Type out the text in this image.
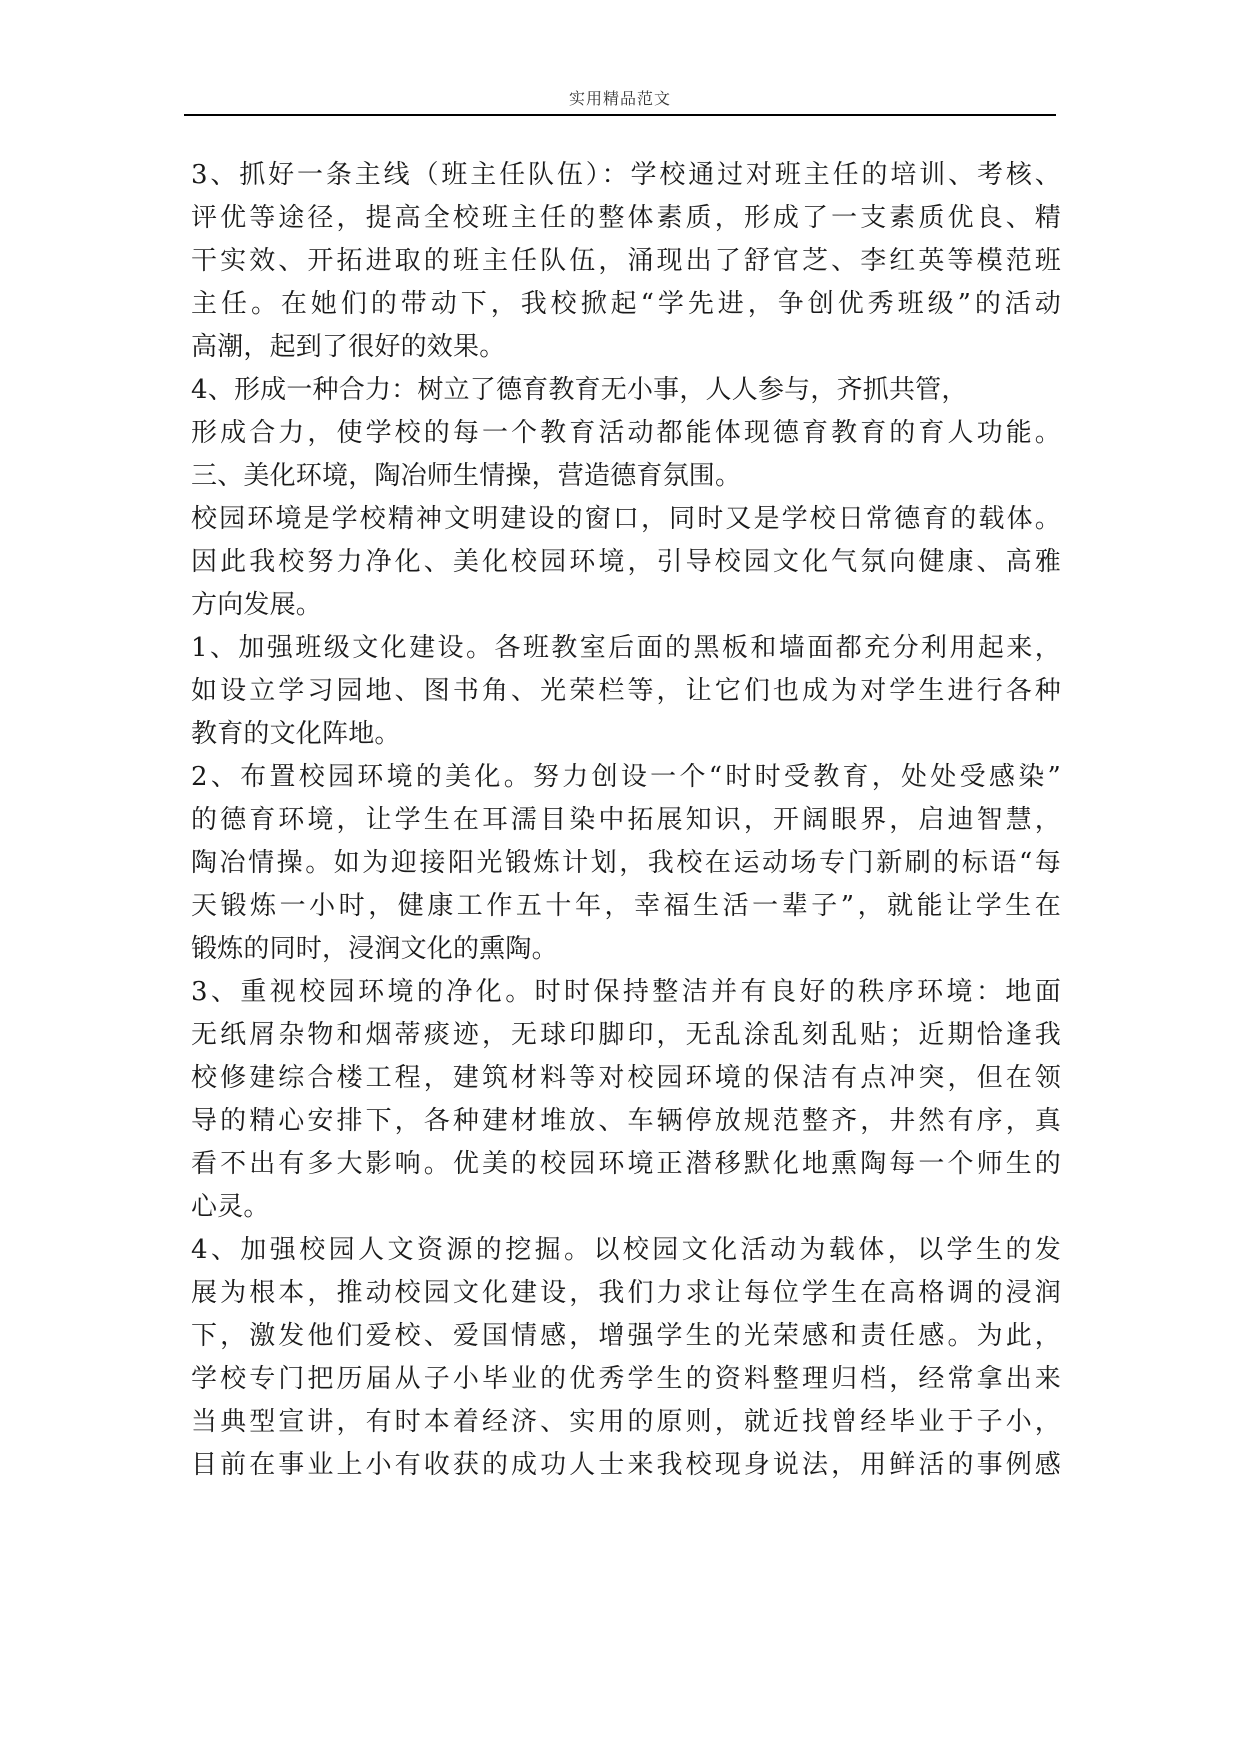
实用精品范文
3、抓好一条主线（班主任队伍）：学校通过对班主任的培训、考核、
评优等途径，提高全校班主任的整体素质，形成了一支素质优良、精
干实效、开拓进取的班主任队伍，涌现出了舒官芝、李红英等模范班
主任。在她们的带动下，我校掀起“学先进，争创优秀班级”的活动
高潮，起到了很好的效果。
4、形成一种合力：树立了德育教育无小事，人人参与，齐抓共管，
形成合力，使学校的每一个教育活动都能体现德育教育的育人功能。
三、美化环境，陶冶师生情操，营造德育氛围。
校园环境是学校精神文明建设的窗口，同时又是学校日常德育的载体。
因此我校努力净化、美化校园环境，引导校园文化气氛向健康、高雅
方向发展。
1、加强班级文化建设。各班教室后面的黑板和墙面都充分利用起来，
如设立学习园地、图书角、光荣栏等，让它们也成为对学生进行各种
教育的文化阵地。
2、布置校园环境的美化。努力创设一个“时时受教育，处处受感染”
的德育环境，让学生在耳濡目染中拓展知识，开阔眼界，启迪智慧，
陶冶情操。如为迎接阳光锻炼计划，我校在运动场专门新刷的标语“每
天锻炼一小时，健康工作五十年，幸福生活一辈子”，就能让学生在
锻炼的同时，浸润文化的熏陶。
3、重视校园环境的净化。时时保持整洁并有良好的秩序环境：地面
无纸屑杂物和烟蒂痰迹，无球印脚印，无乱涂乱刻乱贴；近期恰逢我
校修建综合楼工程，建筑材料等对校园环境的保洁有点冲突，但在领
导的精心安排下，各种建材堆放、车辆停放规范整齐，井然有序，真
看不出有多大影响。优美的校园环境正潜移默化地熏陶每一个师生的
心灵。
4、加强校园人文资源的挖掘。以校园文化活动为载体，以学生的发
展为根本，推动校园文化建设，我们力求让每位学生在高格调的浸润
下，激发他们爱校、爱国情感，增强学生的光荣感和责任感。为此，
学校专门把历届从子小毕业的优秀学生的资料整理归档，经常拿出来
当典型宣讲，有时本着经济、实用的原则，就近找曾经毕业于子小，
目前在事业上小有收获的成功人士来我校现身说法，用鲜活的事例感
